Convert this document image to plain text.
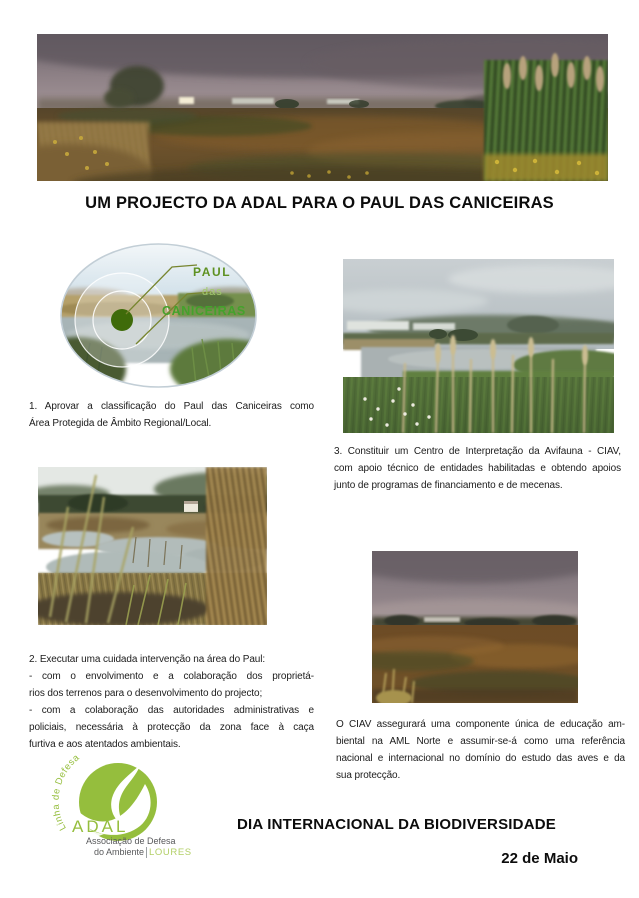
UM PROJECTO DA ADAL PARA O PAUL DAS CANICEIRAS
PAUL
das
CANICEIRAS
1. Aprovar a classificação do Paul das Caniceiras como
Área Protegida de Âmbito Regional/Local.
3. Constituir um Centro de Interpretação da Avifauna - CIAV,
com apoio técnico de entidades habilitadas e obtendo apoios
junto de programas de financiamento e de mecenas.
2. Executar uma cuidada intervenção na área do Paul:
- com o envolvimento e a colaboração dos proprietá-
rios dos terrenos para o desenvolvimento do projecto;
- com a colaboração das autoridades administrativas e
policiais, necessária à protecção da zona face à caça
furtiva e aos atentados ambientais.
O CIAV assegurará uma componente única de educação am-
biental na AML Norte e assumir-se-á como uma referência
nacional e internacional no domínio do estudo das aves e da
sua protecção.
Linha de Defesa
ADAL
Associação de Defesa
do Ambiente LOURES
DIA INTERNACIONAL DA BIODIVERSIDADE
22 de Maio
